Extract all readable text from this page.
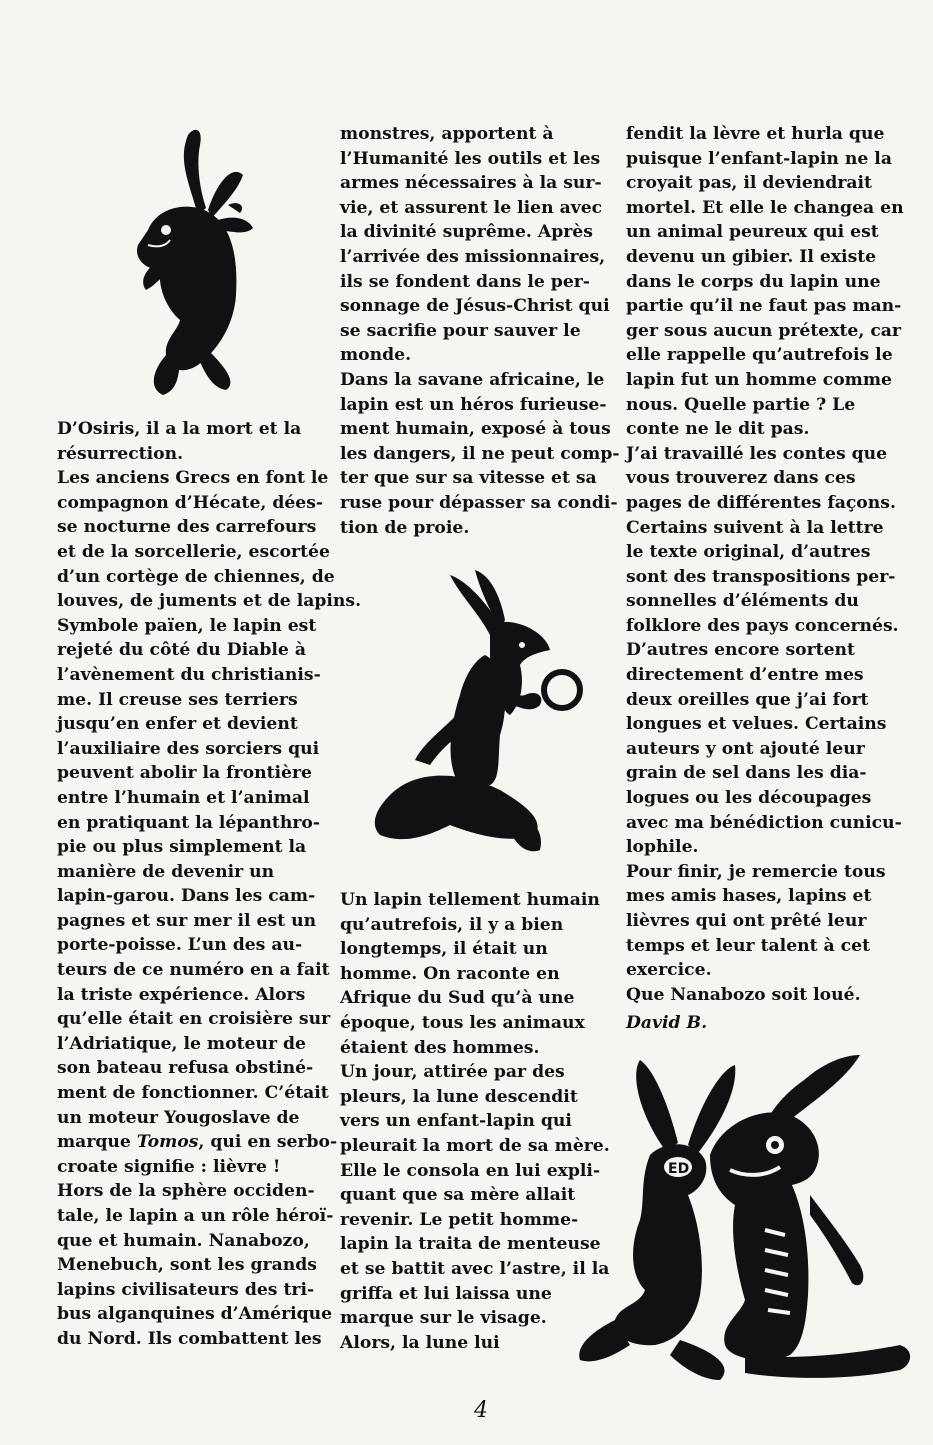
ED
D’Osiris, il a la mort et la
résurrection.
Les anciens Grecs en font le
compagnon d’Hécate, dées-
se nocturne des carrefours
et de la sorcellerie, escortée
d’un cortège de chiennes, de
louves, de juments et de lapins.
Symbole païen, le lapin est
rejeté du côté du Diable à
l’avènement du christianis-
me. Il creuse ses terriers
jusqu’en enfer et devient
l’auxiliaire des sorciers qui
peuvent abolir la frontière
entre l’humain et l’animal
en pratiquant la lépanthro-
pie ou plus simplement la
manière de devenir un
lapin-garou. Dans les cam-
pagnes et sur mer il est un
porte-poisse. L’un des au-
teurs de ce numéro en a fait
la triste expérience. Alors
qu’elle était en croisière sur
l’Adriatique, le moteur de
son bateau refusa obstiné-
ment de fonctionner. C’était
un moteur Yougoslave de
marque Tomos, qui en serbo-
croate signifie : lièvre !
Hors de la sphère occiden-
tale, le lapin a un rôle héroï-
que et humain. Nanabozo,
Menebuch, sont les grands
lapins civilisateurs des tri-
bus alganquines d’Amérique
du Nord. Ils combattent les
monstres, apportent à
l’Humanité les outils et les
armes nécessaires à la sur-
vie, et assurent le lien avec
la divinité suprême. Après
l’arrivée des missionnaires,
ils se fondent dans le per-
sonnage de Jésus-Christ qui
se sacrifie pour sauver le
monde.
Dans la savane africaine, le
lapin est un héros furieuse-
ment humain, exposé à tous
les dangers, il ne peut comp-
ter que sur sa vitesse et sa
ruse pour dépasser sa condi-
tion de proie.
Un lapin tellement humain
qu’autrefois, il y a bien
longtemps, il était un
homme. On raconte en
Afrique du Sud qu’à une
époque, tous les animaux
étaient des hommes.
Un jour, attirée par des
pleurs, la lune descendit
vers un enfant-lapin qui
pleurait la mort de sa mère.
Elle le consola en lui expli-
quant que sa mère allait
revenir. Le petit homme-
lapin la traita de menteuse
et se battit avec l’astre, il la
griffa et lui laissa une
marque sur le visage.
Alors, la lune lui
fendit la lèvre et hurla que
puisque l’enfant-lapin ne la
croyait pas, il deviendrait
mortel. Et elle le changea en
un animal peureux qui est
devenu un gibier. Il existe
dans le corps du lapin une
partie qu’il ne faut pas man-
ger sous aucun prétexte, car
elle rappelle qu’autrefois le
lapin fut un homme comme
nous. Quelle partie ? Le
conte ne le dit pas.
J’ai travaillé les contes que
vous trouverez dans ces
pages de différentes façons.
Certains suivent à la lettre
le texte original, d’autres
sont des transpositions per-
sonnelles d’éléments du
folklore des pays concernés.
D’autres encore sortent
directement d’entre mes
deux oreilles que j’ai fort
longues et velues. Certains
auteurs y ont ajouté leur
grain de sel dans les dia-
logues ou les découpages
avec ma bénédiction cunicu-
lophile.
Pour finir, je remercie tous
mes amis hases, lapins et
lièvres qui ont prêté leur
temps et leur talent à cet
exercice.
Que Nanabozo soit loué.

David B.

4
